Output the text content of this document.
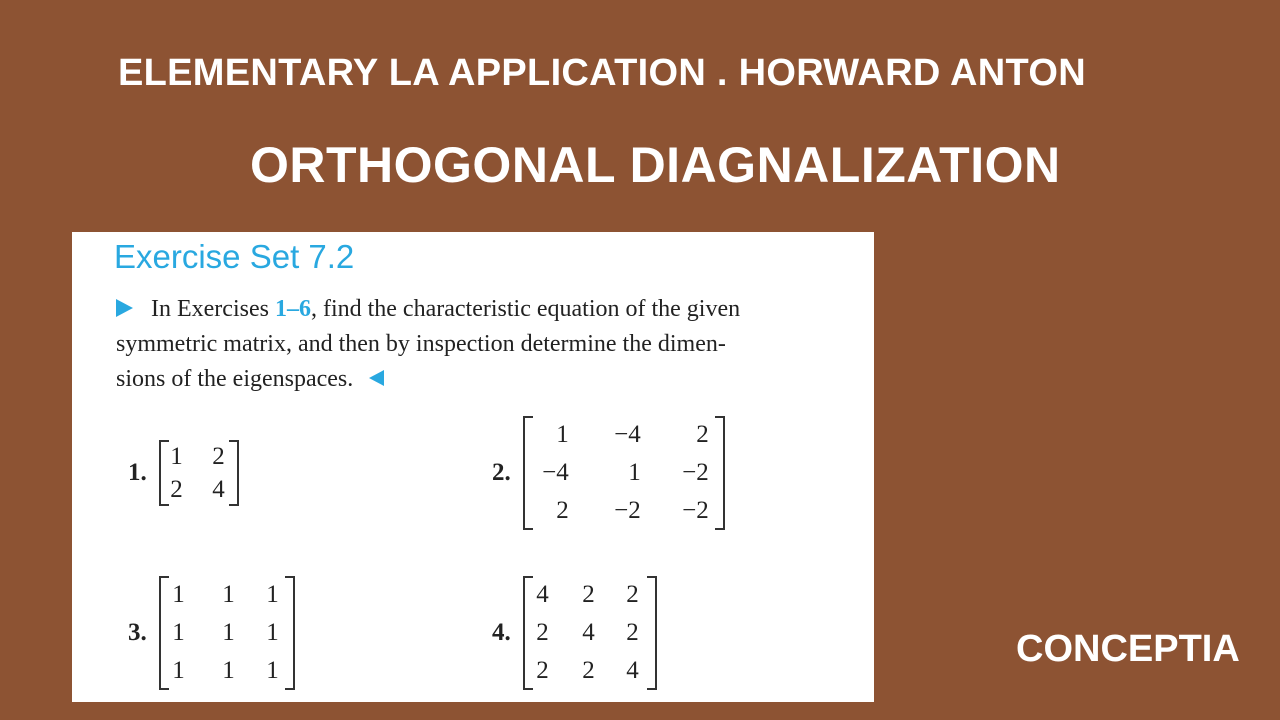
ELEMENTARY LA APPLICATION . HORWARD ANTON
ORTHOGONAL DIAGNALIZATION
Exercise Set 7.2
In Exercises 1–6, find the characteristic equation of the given
symmetric matrix, and then by inspection determine the dimen-
sions of the eigenspaces.
1.
1	2
2	4
2.
1	−4	2
−4	1	−2
2	−2	−2
3.
1	1	1
1	1	1
1	1	1
4.
4	2	2
2	4	2
2	2	4
CONCEPTIA
